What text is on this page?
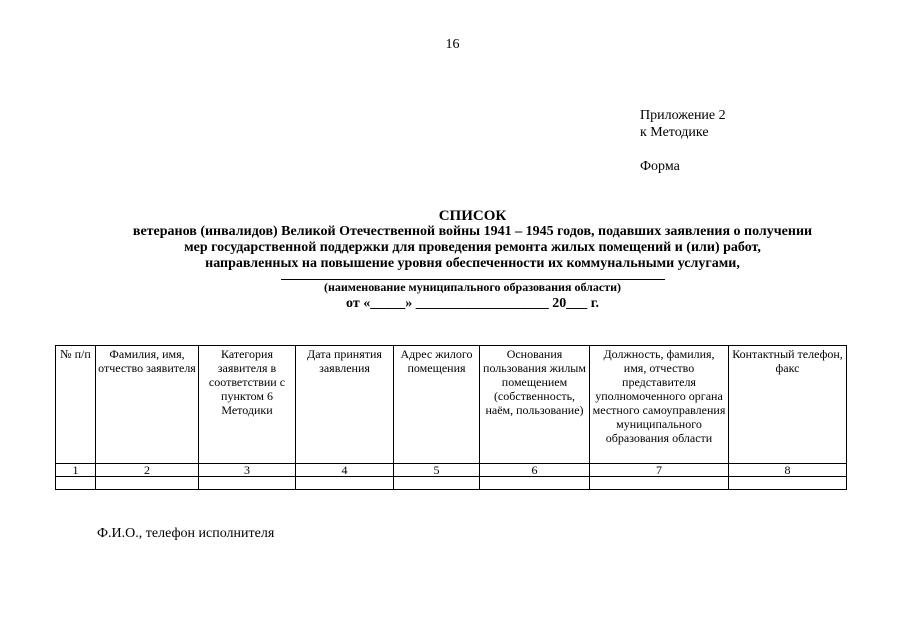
16
Приложение 2
к Методике
Форма
СПИСОК
ветеранов (инвалидов) Великой Отечественной войны 1941 – 1945 годов, подавших заявления о получении
мер государственной поддержки для проведения ремонта жилых помещений и (или) работ,
направленных на повышение уровня обеспеченности их коммунальными услугами,
(наименование муниципального образования области)
от «_____» ___________________ 20___ г.
№ п/п	Фамилия, имя, отчество заявителя	Категория заявителя в соответствии с пунктом 6 Методики	Дата принятия заявления	Адрес жилого помещения	Основания пользования жилым помещением (собственность, наём, пользование)	Должность, фамилия, имя, отчество представителя уполномоченного органа местного самоуправления муниципального образования области	Контактный телефон, факс
1	2	3	4	5	6	7	8

Ф.И.О., телефон исполнителя
